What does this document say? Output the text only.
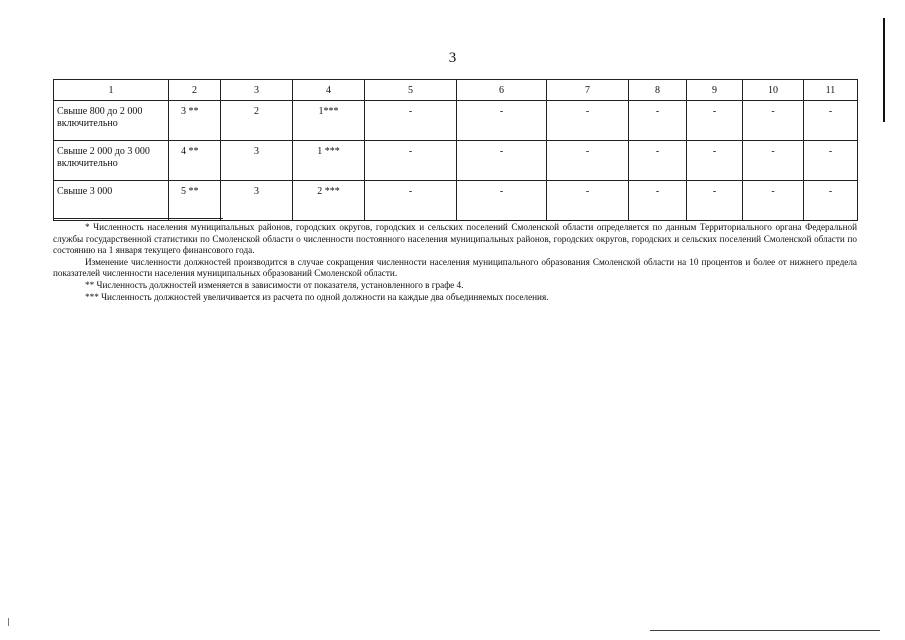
3
1	2	3	4	5	6	7	8	9	10	11
Свыше 800 до 2 000 включительно	3 **	2	1***	-	-	-	-	-	-	-
Свыше 2 000 до 3 000 включительно	4 **	3	1 ***	-	-	-	-	-	-	-
Свыше 3 000	5 **	3	2 ***	-	-	-	-	-	-	-

* Численность населения муниципальных районов, городских округов, городских и сельских поселений Смоленской области определяется по данным Территориального органа Федеральной службы государственной статистики по Смоленской области о численности постоянного населения муниципальных районов, городских округов, городских и сельских поселений Смоленской области по состоянию на 1 января текущего финансового года.

Изменение численности должностей производится в случае сокращения численности населения муниципального образования Смоленской области на 10 процентов и более от нижнего предела показателей численности населения муниципальных образований Смоленской области.

** Численность должностей изменяется в зависимости от показателя, установленного в графе 4.

*** Численность должностей увеличивается из расчета по одной должности на каждые два объединяемых поселения.
